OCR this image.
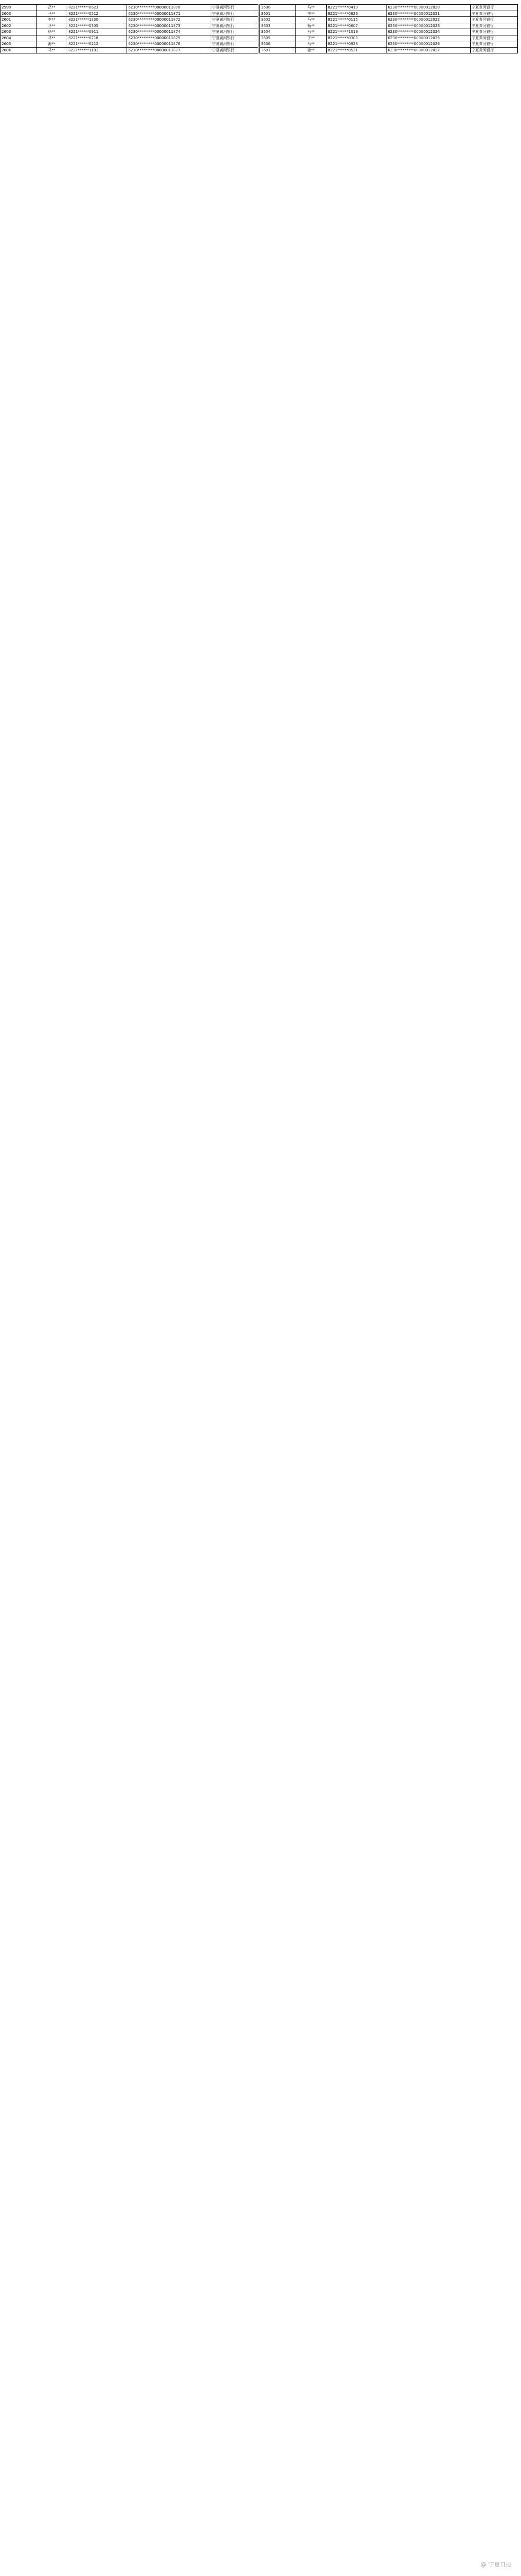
2599	吕**	8221******0623	6230*********00000011870	宁夏黄河银行
2600	马**	8221******0512	6230*********00000011871	宁夏黄河银行
2601	李**	8221******1230	6230*********00000011872	宁夏黄河银行
2602	马**	8221******0305	6230*********00000011873	宁夏黄河银行
2603	杨**	8221******0911	6230*********00000011874	宁夏黄河银行
2604	马**	8221******0718	6230*********00000011875	宁夏黄河银行
2605	海**	8221******0212	6230*********00000011876	宁夏黄河银行
2606	马**	8221******1101	6230*********00000011877	宁夏黄河银行
3600	马**	8221******0410	6230*********00000012020	宁夏黄河银行
3601	李**	8221******0826	6230*********00000012021	宁夏黄河银行
3602	马**	8221******0115	6230*********00000012022	宁夏黄河银行
3603	杨**	8221******0607	6230*********00000012023	宁夏黄河银行
3604	马**	8221******1019	6230*********00000012024	宁夏黄河银行
3605	丁**	8221******0303	6230*********00000012025	宁夏黄河银行
3606	马**	8221******0928	6230*********00000012026	宁夏黄河银行
3607	金**	8221******0521	6230*********00000012027	宁夏黄河银行
@ 宁夏日报
